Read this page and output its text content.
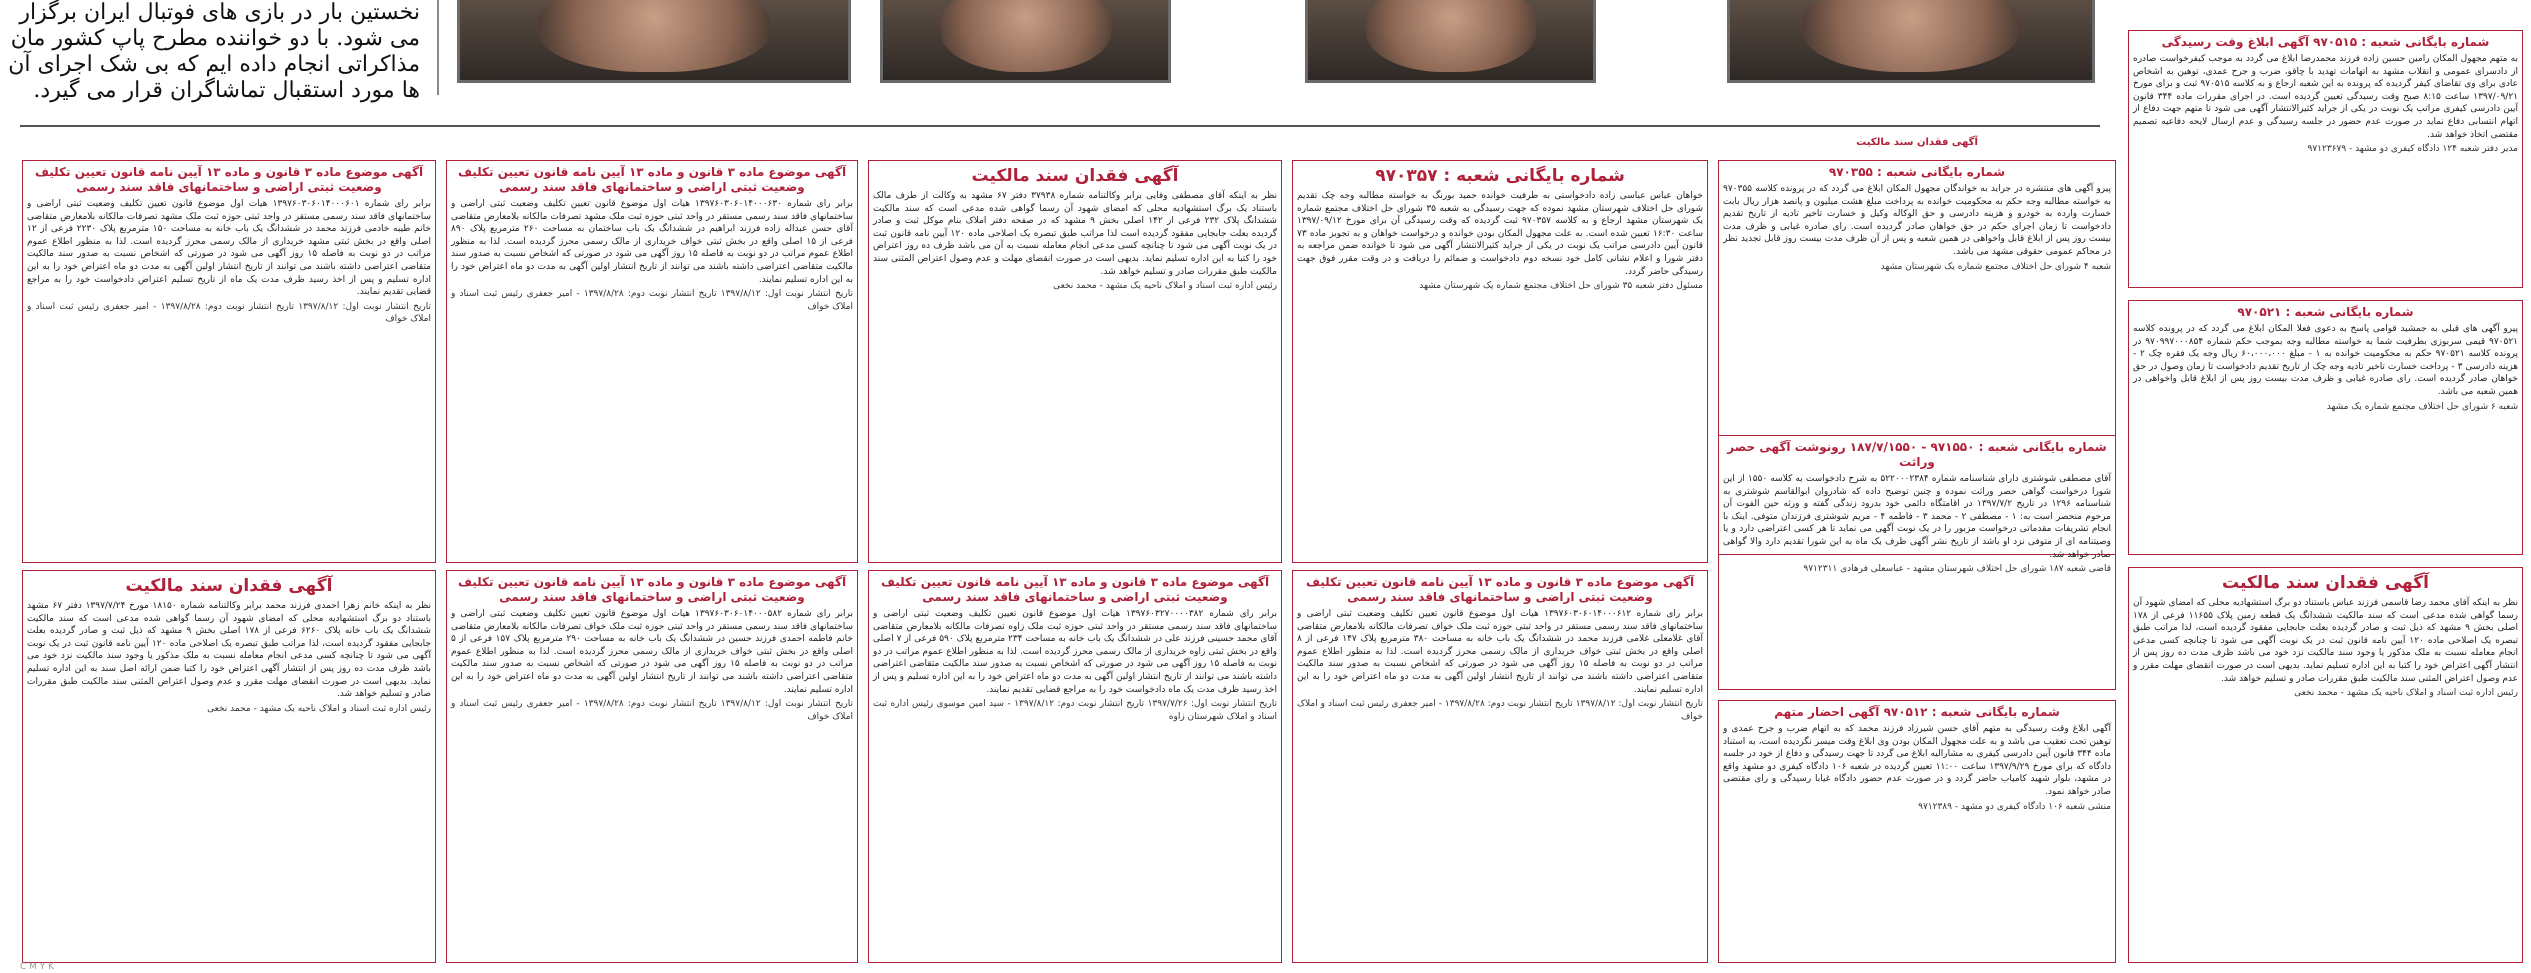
نخستین بار در بازی های فوتبال ایران برگزار می شود. با دو خواننده مطرح پاپ کشور مان مذاکراتی انجام داده ایم که بی شک اجرای آن ها مورد استقبال تماشاگران قرار می گیرد.
شماره بایگانی شعبه : ۹۷۰۵۱۵ آگهی ابلاغ وقت رسیدگی
به متهم مجهول المکان رامین حسین زاده فرزند محمدرضا ابلاغ می گردد به موجب کیفرخواست صادره از دادسرای عمومی و انقلاب مشهد به اتهامات تهدید با چاقو، ضرب و جرح عمدی، توهین به اشخاص عادی برای وی تقاضای کیفر گردیده که پرونده به این شعبه ارجاع و به کلاسه ۹۷۰۵۱۵ ثبت و برای مورخ ۱۳۹۷/۰۹/۲۱ ساعت ۸:۱۵ صبح وقت رسیدگی تعیین گردیده است. در اجرای مقررات ماده ۳۴۴ قانون آیین دادرسی کیفری مراتب یک نوبت در یکی از جراید کثیرالانتشار آگهی می شود تا متهم جهت دفاع از اتهام انتسابی دفاع نماید در صورت عدم حضور در جلسه رسیدگی و عدم ارسال لایحه دفاعیه تصمیم مقتضی اتخاذ خواهد شد.
مدیر دفتر شعبه ۱۲۴ دادگاه کیفری دو مشهد - ۹۷۱۲۳۶۷۹
شماره بایگانی شعبه : ۹۷۰۵۲۱
پیرو آگهی های قبلی به جمشید قوامی پاسخ به دعوی فعلا المکان ابلاغ می گردد که در پرونده کلاسه ۹۷۰۵۲۱ قیمی سربوزی بطرفیت شما به خواسته مطالبه وجه بموجب حکم شماره ۹۷۰۹۹۷۰۰۰۸۵۴ در پرونده کلاسه ۹۷۰۵۲۱ حکم به محکومیت خوانده به ۱ - مبلغ ۶۰،۰۰۰،۰۰۰ ریال وجه یک فقره چک ۲ - هزینه دادرسی ۳ - پرداخت خسارت تاخیر تادیه وجه چک از تاریخ تقدیم دادخواست تا زمان وصول در حق خواهان صادر گردیده است. رای صادره غیابی و ظرف مدت بیست روز پس از ابلاغ قابل واخواهی در همین شعبه می باشد.
شعبه ۶ شورای حل اختلاف مجتمع شماره یک مشهد
آگهی فقدان سند مالکیت
نظر به اینکه آقای محمد رضا قاسمی فرزند عباس باستناد دو برگ استشهادیه محلی که امضای شهود آن رسما گواهی شده مدعی است که سند مالکیت ششدانگ یک قطعه زمین پلاک ۱۱۶۵۵ فرعی از ۱۷۸ اصلی بخش ۹ مشهد که ذیل ثبت و صادر گردیده بعلت جابجایی مفقود گردیده است، لذا مراتب طبق تبصره یک اصلاحی ماده ۱۲۰ آیین نامه قانون ثبت در یک نوبت آگهی می شود تا چنانچه کسی مدعی انجام معامله نسبت به ملک مذکور یا وجود سند مالکیت نزد خود می باشد ظرف مدت ده روز پس از انتشار آگهی اعتراض خود را کتبا به این اداره تسلیم نماید. بدیهی است در صورت انقضای مهلت مقرر و عدم وصول اعتراض المثنی سند مالکیت طبق مقررات صادر و تسلیم خواهد شد.
رئیس اداره ثبت اسناد و املاک ناحیه یک مشهد - محمد نخعی
شماره بایگانی شعبه : ۹۷۰۳۵۵
پیرو آگهی های منتشره در جراید به خواندگان مجهول المکان ابلاغ می گردد که در پرونده کلاسه ۹۷۰۳۵۵ به خواسته مطالبه وجه حکم به محکومیت خوانده به پرداخت مبلغ هشت میلیون و پانصد هزار ریال بابت خسارت وارده به خودرو و هزینه دادرسی و حق الوکاله وکیل و خسارت تاخیر تادیه از تاریخ تقدیم دادخواست تا زمان اجرای حکم در حق خواهان صادر گردیده است. رای صادره غیابی و ظرف مدت بیست روز پس از ابلاغ قابل واخواهی در همین شعبه و پس از آن ظرف مدت بیست روز قابل تجدید نظر در محاکم عمومی حقوقی مشهد می باشد.
شعبه ۴ شورای حل اختلاف مجتمع شماره یک شهرستان مشهد
شماره بایگانی شعبه : ۹۷۱۵۵۰ - ۱۸۷/۷/۱۵۵۰ رونوشت آگهی حصر وراثت
آقای مصطفی شوشتری دارای شناسنامه شماره ۵۲۲۰۰۰۲۳۸۴ به شرح دادخواست به کلاسه ۱۵۵۰ از این شورا درخواست گواهی حصر وراثت نموده و چنین توضیح داده که شادروان ابوالقاسم شوشتری به شناسنامه ۱۲۹۶ در تاریخ ۱۳۹۷/۷/۲ در اقامتگاه دائمی خود بدرود زندگی گفته و ورثه حین الفوت آن مرحوم منحصر است به: ۱ - مصطفی ۲ - محمد ۳ - فاطمه ۴ - مریم شوشتری فرزندان متوفی. اینک با انجام تشریفات مقدماتی درخواست مزبور را در یک نوبت آگهی می نماید تا هر کسی اعتراضی دارد و یا وصیتنامه ای از متوفی نزد او باشد از تاریخ نشر آگهی ظرف یک ماه به این شورا تقدیم دارد والا گواهی صادر خواهد شد.
قاضی شعبه ۱۸۷ شورای حل اختلاف شهرستان مشهد - عباسعلی فرهادی ۹۷۱۲۳۱۱
شماره بایگانی شعبه : ۹۷۰۵۱۲ آگهی احضار متهم
آگهی ابلاغ وقت رسیدگی به متهم آقای حسن شیرزاد فرزند محمد که به اتهام ضرب و جرح عمدی و توهین تحت تعقیب می باشد و به علت مجهول المکان بودن وی ابلاغ وقت میسر نگردیده است، به استناد ماده ۳۴۴ قانون آیین دادرسی کیفری به مشارالیه ابلاغ می گردد تا جهت رسیدگی و دفاع از خود در جلسه دادگاه که برای مورخ ۱۳۹۷/۹/۲۹ ساعت ۱۱:۰۰ تعیین گردیده در شعبه ۱۰۶ دادگاه کیفری دو مشهد واقع در مشهد، بلوار شهید کامیاب حاضر گردد و در صورت عدم حضور دادگاه غیابا رسیدگی و رای مقتضی صادر خواهد نمود.
منشی شعبه ۱۰۶ دادگاه کیفری دو مشهد - ۹۷۱۲۳۸۹
شماره بایگانی شعبه : ۹۷۰۳۵۷
خواهان عباس عباسی زاده دادخواستی به طرفیت خوانده حمید بورنگ به خواسته مطالبه وجه چک تقدیم شورای حل اختلاف شهرستان مشهد نموده که جهت رسیدگی به شعبه ۳۵ شورای حل اختلاف مجتمع شماره یک شهرستان مشهد ارجاع و به کلاسه ۹۷۰۳۵۷ ثبت گردیده که وقت رسیدگی آن برای مورخ ۱۳۹۷/۰۹/۱۲ ساعت ۱۶:۳۰ تعیین شده است. به علت مجهول المکان بودن خوانده و درخواست خواهان و به تجویز ماده ۷۳ قانون آیین دادرسی مراتب یک نوبت در یکی از جراید کثیرالانتشار آگهی می شود تا خوانده ضمن مراجعه به دفتر شورا و اعلام نشانی کامل خود نسخه دوم دادخواست و ضمائم را دریافت و در وقت مقرر فوق جهت رسیدگی حاضر گردد.
مسئول دفتر شعبه ۳۵ شورای حل اختلاف مجتمع شماره یک شهرستان مشهد
آگهی موضوع ماده ۳ قانون و ماده ۱۳ آیین نامه قانون تعیین تکلیف وضعیت ثبتی اراضی و ساختمانهای فاقد سند رسمی
برابر رای شماره ۱۳۹۷۶۰۳۰۶۰۱۴۰۰۰۶۱۲ هیات اول موضوع قانون تعیین تکلیف وضعیت ثبتی اراضی و ساختمانهای فاقد سند رسمی مستقر در واحد ثبتی حوزه ثبت ملک خواف تصرفات مالکانه بلامعارض متقاضی آقای غلامعلی غلامی فرزند محمد در ششدانگ یک باب خانه به مساحت ۳۸۰ مترمربع پلاک ۱۴۷ فرعی از ۸ اصلی واقع در بخش ثبتی خواف خریداری از مالک رسمی محرز گردیده است. لذا به منظور اطلاع عموم مراتب در دو نوبت به فاصله ۱۵ روز آگهی می شود در صورتی که اشخاص نسبت به صدور سند مالکیت متقاضی اعتراضی داشته باشند می توانند از تاریخ انتشار اولین آگهی به مدت دو ماه اعتراض خود را به این اداره تسلیم نمایند.
تاریخ انتشار نوبت اول: ۱۳۹۷/۸/۱۲ تاریخ انتشار نوبت دوم: ۱۳۹۷/۸/۲۸ - امیر جعفری رئیس ثبت اسناد و املاک خواف
آگهی فقدان سند مالکیت
نظر به اینکه آقای مصطفی وفایی برابر وکالتنامه شماره ۳۷۹۳۸ دفتر ۶۷ مشهد به وکالت از طرف مالک باستناد یک برگ استشهادیه محلی که امضای شهود آن رسما گواهی شده مدعی است که سند مالکیت ششدانگ پلاک ۲۳۲ فرعی از ۱۴۲ اصلی بخش ۹ مشهد که در صفحه دفتر املاک بنام موکل ثبت و صادر گردیده بعلت جابجایی مفقود گردیده است لذا مراتب طبق تبصره یک اصلاحی ماده ۱۲۰ آیین نامه قانون ثبت در یک نوبت آگهی می شود تا چنانچه کسی مدعی انجام معامله نسبت به آن می باشد ظرف ده روز اعتراض خود را کتبا به این اداره تسلیم نماید. بدیهی است در صورت انقضای مهلت و عدم وصول اعتراض المثنی سند مالکیت طبق مقررات صادر و تسلیم خواهد شد.
رئیس اداره ثبت اسناد و املاک ناحیه یک مشهد - محمد نخعی
آگهی موضوع ماده ۳ قانون و ماده ۱۳ آیین نامه قانون تعیین تکلیف وضعیت ثبتی اراضی و ساختمانهای فاقد سند رسمی
برابر رای شماره ۱۳۹۷۶۰۳۲۷۰۰۰۰۳۸۲ هیات اول موضوع قانون تعیین تکلیف وضعیت ثبتی اراضی و ساختمانهای فاقد سند رسمی مستقر در واحد ثبتی حوزه ثبت ملک زاوه تصرفات مالکانه بلامعارض متقاضی آقای محمد حسینی فرزند علی در ششدانگ یک باب خانه به مساحت ۲۳۴ مترمربع پلاک ۵۹۰ فرعی از ۷ اصلی واقع در بخش ثبتی زاوه خریداری از مالک رسمی محرز گردیده است. لذا به منظور اطلاع عموم مراتب در دو نوبت به فاصله ۱۵ روز آگهی می شود در صورتی که اشخاص نسبت به صدور سند مالکیت متقاضی اعتراضی داشته باشند می توانند از تاریخ انتشار اولین آگهی به مدت دو ماه اعتراض خود را به این اداره تسلیم و پس از اخذ رسید ظرف مدت یک ماه دادخواست خود را به مراجع قضایی تقدیم نمایند.
تاریخ انتشار نوبت اول: ۱۳۹۷/۷/۲۶ تاریخ انتشار نوبت دوم: ۱۳۹۷/۸/۱۲ - سید امین موسوی رئیس اداره ثبت اسناد و املاک شهرستان زاوه
آگهی موضوع ماده ۳ قانون و ماده ۱۳ آیین نامه قانون تعیین تکلیف وضعیت ثبتی اراضی و ساختمانهای فاقد سند رسمی
برابر رای شماره ۱۳۹۷۶۰۳۰۶۰۱۴۰۰۰۶۳۰ هیات اول موضوع قانون تعیین تکلیف وضعیت ثبتی اراضی و ساختمانهای فاقد سند رسمی مستقر در واحد ثبتی حوزه ثبت ملک مشهد تصرفات مالکانه بلامعارض متقاضی آقای حسن عبداله زاده فرزند ابراهیم در ششدانگ یک باب ساختمان به مساحت ۲۶۰ مترمربع پلاک ۸۹۰ فرعی از ۱۵ اصلی واقع در بخش ثبتی خواف خریداری از مالک رسمی محرز گردیده است. لذا به منظور اطلاع عموم مراتب در دو نوبت به فاصله ۱۵ روز آگهی می شود در صورتی که اشخاص نسبت به صدور سند مالکیت متقاضی اعتراضی داشته باشند می توانند از تاریخ انتشار اولین آگهی به مدت دو ماه اعتراض خود را به این اداره تسلیم نمایند.
تاریخ انتشار نوبت اول: ۱۳۹۷/۸/۱۲ تاریخ انتشار نوبت دوم: ۱۳۹۷/۸/۲۸ - امیر جعفری رئیس ثبت اسناد و املاک خواف
آگهی موضوع ماده ۳ قانون و ماده ۱۳ آیین نامه قانون تعیین تکلیف وضعیت ثبتی اراضی و ساختمانهای فاقد سند رسمی
برابر رای شماره ۱۳۹۷۶۰۳۰۶۰۱۴۰۰۰۵۸۲ هیات اول موضوع قانون تعیین تکلیف وضعیت ثبتی اراضی و ساختمانهای فاقد سند رسمی مستقر در واحد ثبتی حوزه ثبت ملک خواف تصرفات مالکانه بلامعارض متقاضی خانم فاطمه احمدی فرزند حسین در ششدانگ یک باب خانه به مساحت ۲۹۰ مترمربع پلاک ۱۵۷ فرعی از ۵ اصلی واقع در بخش ثبتی خواف خریداری از مالک رسمی محرز گردیده است. لذا به منظور اطلاع عموم مراتب در دو نوبت به فاصله ۱۵ روز آگهی می شود در صورتی که اشخاص نسبت به صدور سند مالکیت متقاضی اعتراضی داشته باشند می توانند از تاریخ انتشار اولین آگهی به مدت دو ماه اعتراض خود را به این اداره تسلیم نمایند.
تاریخ انتشار نوبت اول: ۱۳۹۷/۸/۱۲ تاریخ انتشار نوبت دوم: ۱۳۹۷/۸/۲۸ - امیر جعفری رئیس ثبت اسناد و املاک خواف
آگهی موضوع ماده ۳ قانون و ماده ۱۳ آیین نامه قانون تعیین تکلیف وضعیت ثبتی اراضی و ساختمانهای فاقد سند رسمی
برابر رای شماره ۱۳۹۷۶۰۳۰۶۰۱۴۰۰۰۶۰۱ هیات اول موضوع قانون تعیین تکلیف وضعیت ثبتی اراضی و ساختمانهای فاقد سند رسمی مستقر در واحد ثبتی حوزه ثبت ملک مشهد تصرفات مالکانه بلامعارض متقاضی خانم طیبه خادمی فرزند محمد در ششدانگ یک باب خانه به مساحت ۱۵۰ مترمربع پلاک ۲۲۳۰ فرعی از ۱۲ اصلی واقع در بخش ثبتی مشهد خریداری از مالک رسمی محرز گردیده است. لذا به منظور اطلاع عموم مراتب در دو نوبت به فاصله ۱۵ روز آگهی می شود در صورتی که اشخاص نسبت به صدور سند مالکیت متقاضی اعتراضی داشته باشند می توانند از تاریخ انتشار اولین آگهی به مدت دو ماه اعتراض خود را به این اداره تسلیم و پس از اخذ رسید ظرف مدت یک ماه از تاریخ تسلیم اعتراض دادخواست خود را به مراجع قضایی تقدیم نمایند.
تاریخ انتشار نوبت اول: ۱۳۹۷/۸/۱۲ تاریخ انتشار نوبت دوم: ۱۳۹۷/۸/۲۸ - امیر جعفری رئیس ثبت اسناد و املاک خواف
آگهی فقدان سند مالکیت
نظر به اینکه خانم زهرا احمدی فرزند محمد برابر وکالتنامه شماره ۱۸۱۵۰ مورخ ۱۳۹۷/۷/۲۴ دفتر ۶۷ مشهد باستناد دو برگ استشهادیه محلی که امضای شهود آن رسما گواهی شده مدعی است که سند مالکیت ششدانگ یک باب خانه پلاک ۶۲۶۰ فرعی از ۱۷۸ اصلی بخش ۹ مشهد که ذیل ثبت و صادر گردیده بعلت جابجایی مفقود گردیده است، لذا مراتب طبق تبصره یک اصلاحی ماده ۱۲۰ آیین نامه قانون ثبت در یک نوبت آگهی می شود تا چنانچه کسی مدعی انجام معامله نسبت به ملک مذکور یا وجود سند مالکیت نزد خود می باشد ظرف مدت ده روز پس از انتشار آگهی اعتراض خود را کتبا ضمن ارائه اصل سند به این اداره تسلیم نماید. بدیهی است در صورت انقضای مهلت مقرر و عدم وصول اعتراض المثنی سند مالکیت طبق مقررات صادر و تسلیم خواهد شد.
رئیس اداره ثبت اسناد و املاک ناحیه یک مشهد - محمد نخعی
آگهی فقدان سند مالکیت
C M Y K
